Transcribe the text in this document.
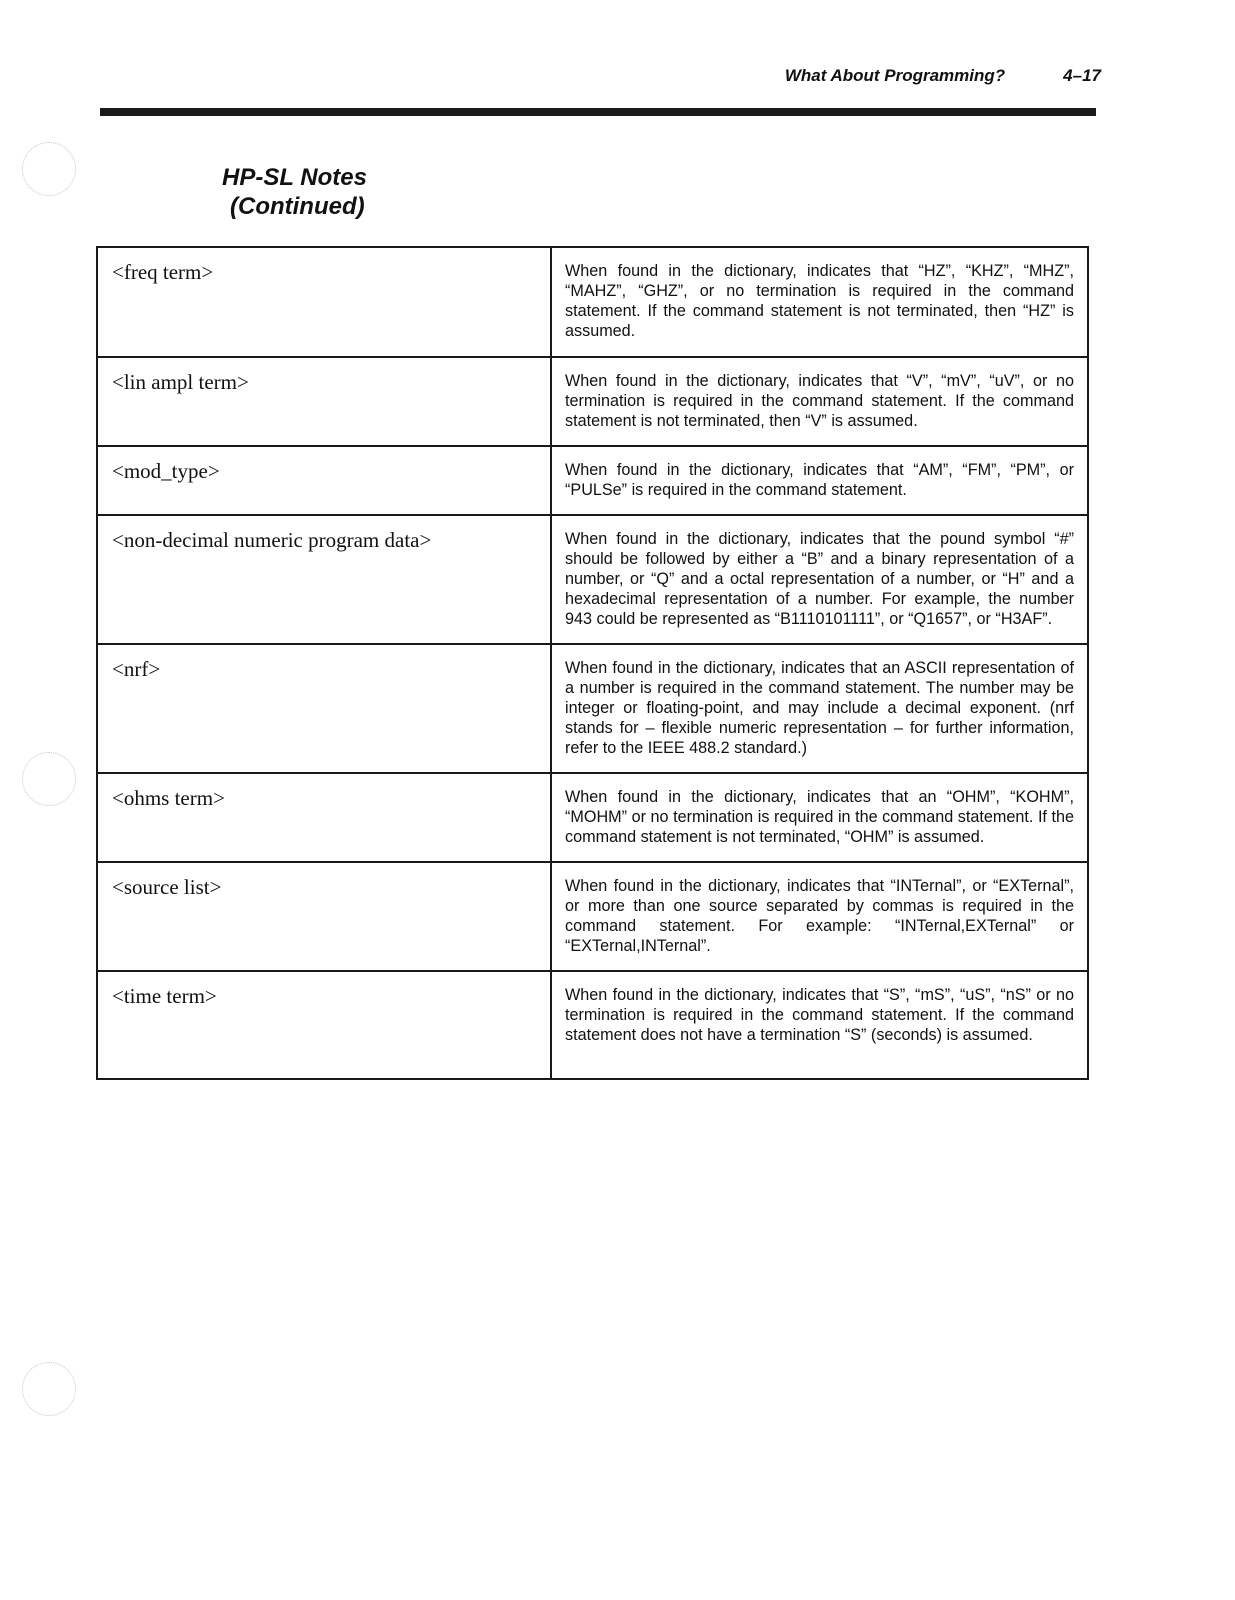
What About Programming?	4–17
HP-SL Notes
(Continued)
<freq term>	When found in the dictionary, indicates that “HZ”, “KHZ”, “MHZ”, “MAHZ”, “GHZ”, or no termination is required in the command statement. If the command statement is not terminated, then “HZ” is assumed.
<lin ampl term>	When found in the dictionary, indicates that “V”, “mV”, “uV”, or no termination is required in the command statement. If the command statement is not terminated, then “V” is assumed.
<mod_type>	When found in the dictionary, indicates that “AM”, “FM”, “PM”, or “PULSe” is required in the command statement.
<non-decimal numeric program data>	When found in the dictionary, indicates that the pound symbol “#” should be followed by either a “B” and a binary representation of a number, or “Q” and a octal representation of a number, or “H” and a hexadecimal representation of a number. For example, the number 943 could be represented as “B1110101111”, or “Q1657”, or “H3AF”.
<nrf>	When found in the dictionary, indicates that an ASCII representation of a number is required in the command statement. The number may be integer or floating-point, and may include a decimal exponent. (nrf stands for – flexible numeric representation – for further information, refer to the IEEE 488.2 standard.)
<ohms term>	When found in the dictionary, indicates that an “OHM”, “KOHM”, “MOHM” or no termination is required in the command statement. If the command statement is not terminated, “OHM” is assumed.
<source list>	When found in the dictionary, indicates that “INTernal”, or “EXTernal”, or more than one source separated by commas is required in the command statement. For example: “INTernal,EXTernal” or “EXTernal,INTernal”.
<time term>	When found in the dictionary, indicates that “S”, “mS”, “uS”, “nS” or no termination is required in the command statement. If the command statement does not have a termination “S” (seconds) is assumed.
